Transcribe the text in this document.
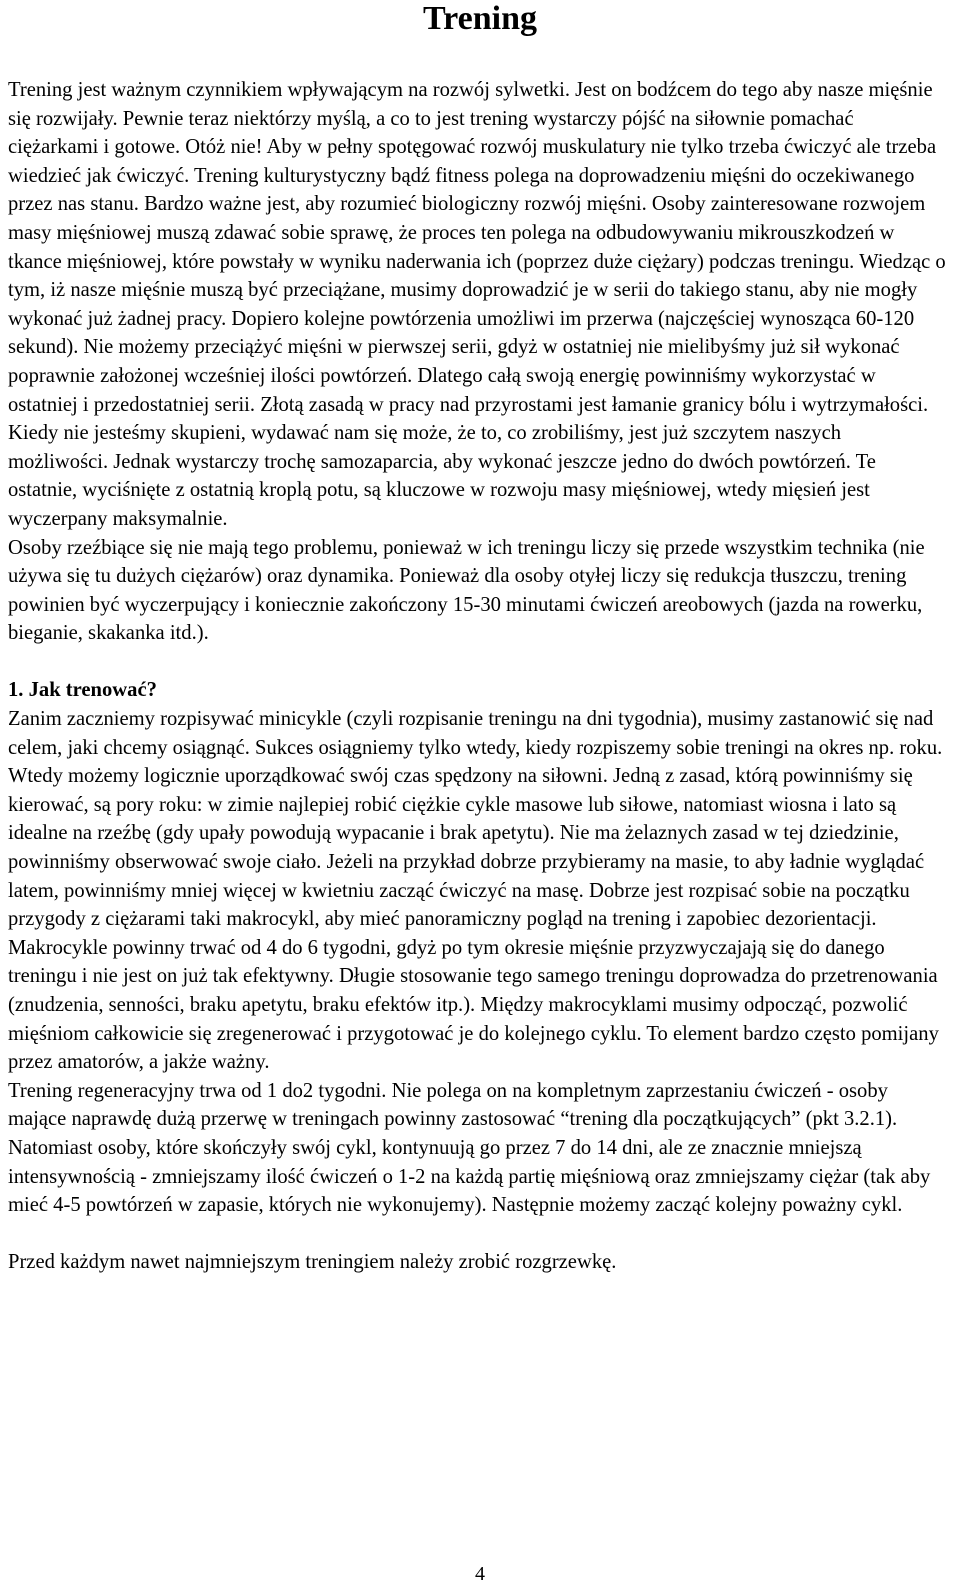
Trening

Trening jest ważnym czynnikiem wpływającym na rozwój sylwetki. Jest on bodźcem do tego aby nasze mięśnie się rozwijały. Pewnie teraz niektórzy myślą, a co to jest trening wystarczy pójść na siłownie pomachać ciężarkami i gotowe. Otóż nie! Aby w pełny spotęgować rozwój muskulatury nie tylko trzeba ćwiczyć ale trzeba wiedzieć jak ćwiczyć. Trening kulturystyczny bądź fitness polega na doprowadzeniu mięśni do oczekiwanego przez nas stanu. Bardzo ważne jest, aby rozumieć biologiczny rozwój mięśni. Osoby zainteresowane rozwojem masy mięśniowej muszą zdawać sobie sprawę, że proces ten polega na odbudowywaniu mikrouszkodzeń w tkance mięśniowej, które powstały w wyniku naderwania ich (poprzez duże ciężary) podczas treningu. Wiedząc o tym, iż nasze mięśnie muszą być przeciążane, musimy doprowadzić je w serii do takiego stanu, aby nie mogły wykonać już żadnej pracy. Dopiero kolejne powtórzenia umożliwi im przerwa (najczęściej wynosząca 60-120 sekund). Nie możemy przeciążyć mięśni w pierwszej serii, gdyż w ostatniej nie mielibyśmy już sił wykonać poprawnie założonej wcześniej ilości powtórzeń. Dlatego całą swoją energię powinniśmy wykorzystać w ostatniej i przedostatniej serii. Złotą zasadą w pracy nad przyrostami jest łamanie granicy bólu i wytrzymałości. Kiedy nie jesteśmy skupieni, wydawać nam się może, że to, co zrobiliśmy, jest już szczytem naszych możliwości. Jednak wystarczy trochę samozaparcia, aby wykonać jeszcze jedno do dwóch powtórzeń. Te ostatnie, wyciśnięte z ostatnią kroplą potu, są kluczowe w rozwoju masy mięśniowej, wtedy mięsień jest wyczerpany maksymalnie.

Osoby rzeźbiące się nie mają tego problemu, ponieważ w ich treningu liczy się przede wszystkim technika (nie używa się tu dużych ciężarów) oraz dynamika. Ponieważ dla osoby otyłej liczy się redukcja tłuszczu, trening powinien być wyczerpujący i koniecznie zakończony 15-30 minutami ćwiczeń areobowych (jazda na rowerku, bieganie, skakanka itd.).

1. Jak trenować?

Zanim zaczniemy rozpisywać minicykle (czyli rozpisanie treningu na dni tygodnia), musimy zastanowić się nad celem, jaki chcemy osiągnąć. Sukces osiągniemy tylko wtedy, kiedy rozpiszemy sobie treningi na okres np. roku. Wtedy możemy logicznie uporządkować swój czas spędzony na siłowni. Jedną z zasad, którą powinniśmy się kierować, są pory roku: w zimie najlepiej robić ciężkie cykle masowe lub siłowe, natomiast wiosna i lato są idealne na rzeźbę (gdy upały powodują wypacanie i brak apetytu). Nie ma żelaznych zasad w tej dziedzinie, powinniśmy obserwować swoje ciało. Jeżeli na przykład dobrze przybieramy na masie, to aby ładnie wyglądać latem, powinniśmy mniej więcej w kwietniu zacząć ćwiczyć na masę. Dobrze jest rozpisać sobie na początku przygody z ciężarami taki makrocykl, aby mieć panoramiczny pogląd na trening i zapobiec dezorientacji. Makrocykle powinny trwać od 4 do 6 tygodni, gdyż po tym okresie mięśnie przyzwyczajają się do danego treningu i nie jest on już tak efektywny. Długie stosowanie tego samego treningu doprowadza do przetrenowania (znudzenia, senności, braku apetytu, braku efektów itp.). Między makrocyklami musimy odpocząć, pozwolić mięśniom całkowicie się zregenerować i przygotować je do kolejnego cyklu. To element bardzo często pomijany przez amatorów, a jakże ważny.

Trening regeneracyjny trwa od 1 do2 tygodni. Nie polega on na kompletnym zaprzestaniu ćwiczeń - osoby mające naprawdę dużą przerwę w treningach powinny zastosować “trening dla początkujących” (pkt 3.2.1). Natomiast osoby, które skończyły swój cykl, kontynuują go przez 7 do 14 dni, ale ze znacznie mniejszą intensywnością - zmniejszamy ilość ćwiczeń o 1-2 na każdą partię mięśniową oraz zmniejszamy ciężar (tak aby mieć 4-5 powtórzeń w zapasie, których nie wykonujemy). Następnie możemy zacząć kolejny poważny cykl.

Przed każdym nawet najmniejszym treningiem należy zrobić rozgrzewkę.

4
